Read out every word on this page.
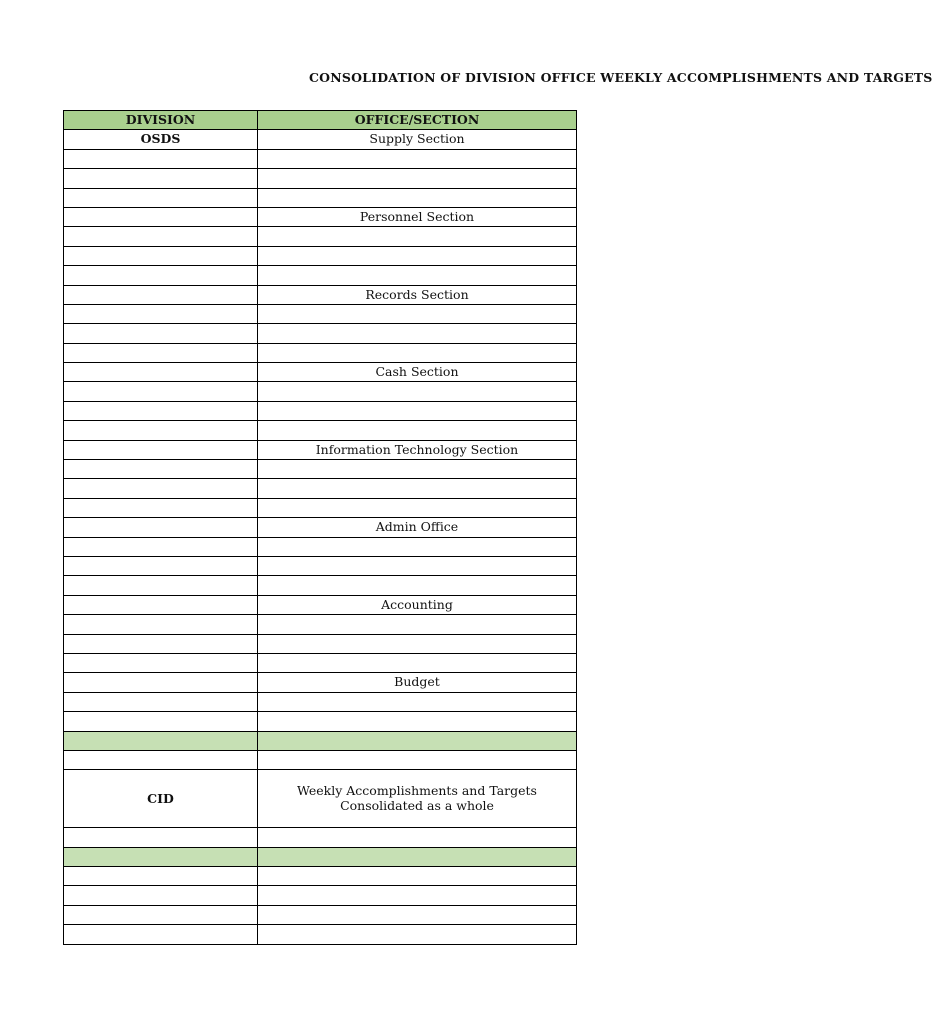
CONSOLIDATION OF DIVISION OFFICE WEEKLY ACCOMPLISHMENTS AND TARGETS
DIVISION	OFFICE/SECTION
OSDS	Supply Section

	Personnel Section

	Records Section

	Cash Section

	Information Technology Section

	Admin Office

	Accounting

	Budget

CID	Weekly Accomplishments and Targets Consolidated as a whole
